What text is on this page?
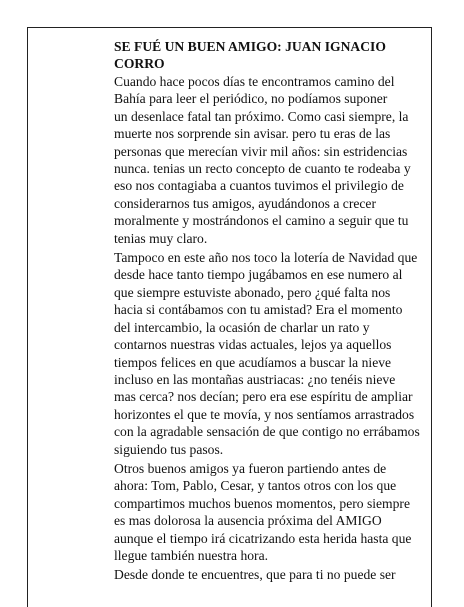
SE FUÉ UN BUEN AMIGO: JUAN IGNACIO
CORRO
Cuando hace pocos días te encontramos camino del
Bahía para leer el periódico, no podíamos suponer
un desenlace fatal tan próximo. Como casi siempre, la
muerte nos sorprende sin avisar. pero tu eras de las
personas que merecían vivir mil años: sin estridencias
nunca. tenias un recto concepto de cuanto te rodeaba y
eso nos contagiaba a cuantos tuvimos el privilegio de
considerarnos tus amigos, ayudándonos a crecer
moralmente y mostrándonos el camino a seguir que tu
tenias muy claro.
Tampoco en este año nos toco la lotería de Navidad que
desde hace tanto tiempo jugábamos en ese numero al
que siempre estuviste abonado, pero ¿qué falta nos
hacia si contábamos con tu amistad? Era el momento
del intercambio, la ocasión de charlar un rato y
contarnos nuestras vidas actuales, lejos ya aquellos
tiempos felices en que acudíamos a buscar la nieve
incluso en las montañas austriacas: ¿no tenéis nieve
mas cerca? nos decían; pero era ese espíritu de ampliar
horizontes el que te movía, y nos sentíamos arrastrados
con la agradable sensación de que contigo no errábamos
siguiendo tus pasos.
Otros buenos amigos ya fueron partiendo antes de
ahora: Tom, Pablo, Cesar, y tantos otros con los que
compartimos muchos buenos momentos, pero siempre
es mas dolorosa la ausencia próxima del AMIGO
aunque el tiempo irá cicatrizando esta herida hasta que
llegue también nuestra hora.
Desde donde te encuentres, que para ti no puede ser
